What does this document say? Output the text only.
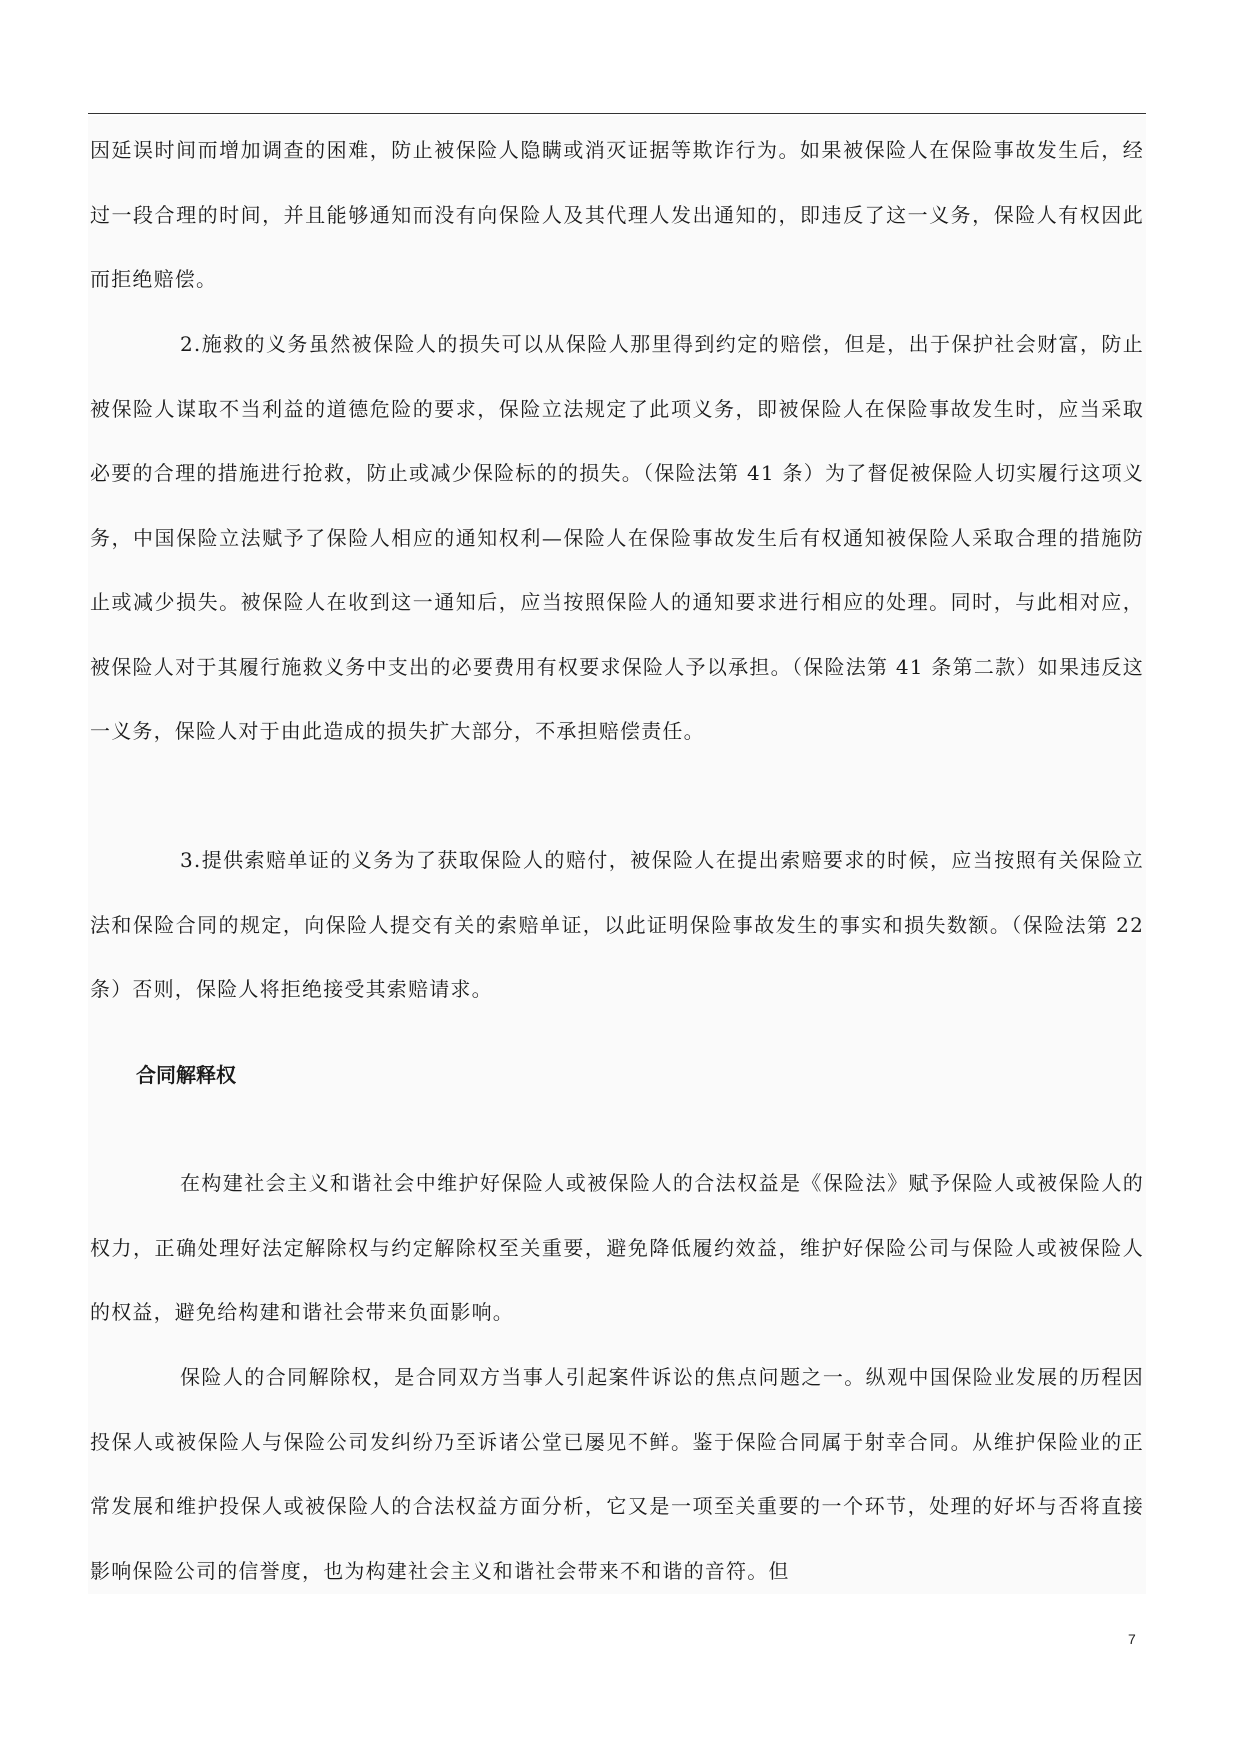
因延误时间而增加调查的困难，防止被保险人隐瞒或消灭证据等欺诈行为。如果被保险人在保险事故发生后，经过一段合理的时间，并且能够通知而没有向保险人及其代理人发出通知的，即违反了这一义务，保险人有权因此而拒绝赔偿。

2.施救的义务虽然被保险人的损失可以从保险人那里得到约定的赔偿，但是，出于保护社会财富，防止被保险人谋取不当利益的道德危险的要求，保险立法规定了此项义务，即被保险人在保险事故发生时，应当采取必要的合理的措施进行抢救，防止或减少保险标的的损失。（保险法第 41 条）为了督促被保险人切实履行这项义务，中国保险立法赋予了保险人相应的通知权利—保险人在保险事故发生后有权通知被保险人采取合理的措施防止或减少损失。被保险人在收到这一通知后，应当按照保险人的通知要求进行相应的处理。同时，与此相对应，被保险人对于其履行施救义务中支出的必要费用有权要求保险人予以承担。（保险法第 41 条第二款）如果违反这一义务，保险人对于由此造成的损失扩大部分，不承担赔偿责任。

3.提供索赔单证的义务为了获取保险人的赔付，被保险人在提出索赔要求的时候，应当按照有关保险立法和保险合同的规定，向保险人提交有关的索赔单证，以此证明保险事故发生的事实和损失数额。（保险法第 22 条）否则，保险人将拒绝接受其索赔请求。

合同解释权

在构建社会主义和谐社会中维护好保险人或被保险人的合法权益是《保险法》赋予保险人或被保险人的权力，正确处理好法定解除权与约定解除权至关重要，避免降低履约效益，维护好保险公司与保险人或被保险人的权益，避免给构建和谐社会带来负面影响。

保险人的合同解除权，是合同双方当事人引起案件诉讼的焦点问题之一。纵观中国保险业发展的历程因投保人或被保险人与保险公司发纠纷乃至诉诸公堂已屡见不鲜。鉴于保险合同属于射幸合同。从维护保险业的正常发展和维护投保人或被保险人的合法权益方面分析，它又是一项至关重要的一个环节，处理的好坏与否将直接影响保险公司的信誉度，也为构建社会主义和谐社会带来不和谐的音符。但

7
